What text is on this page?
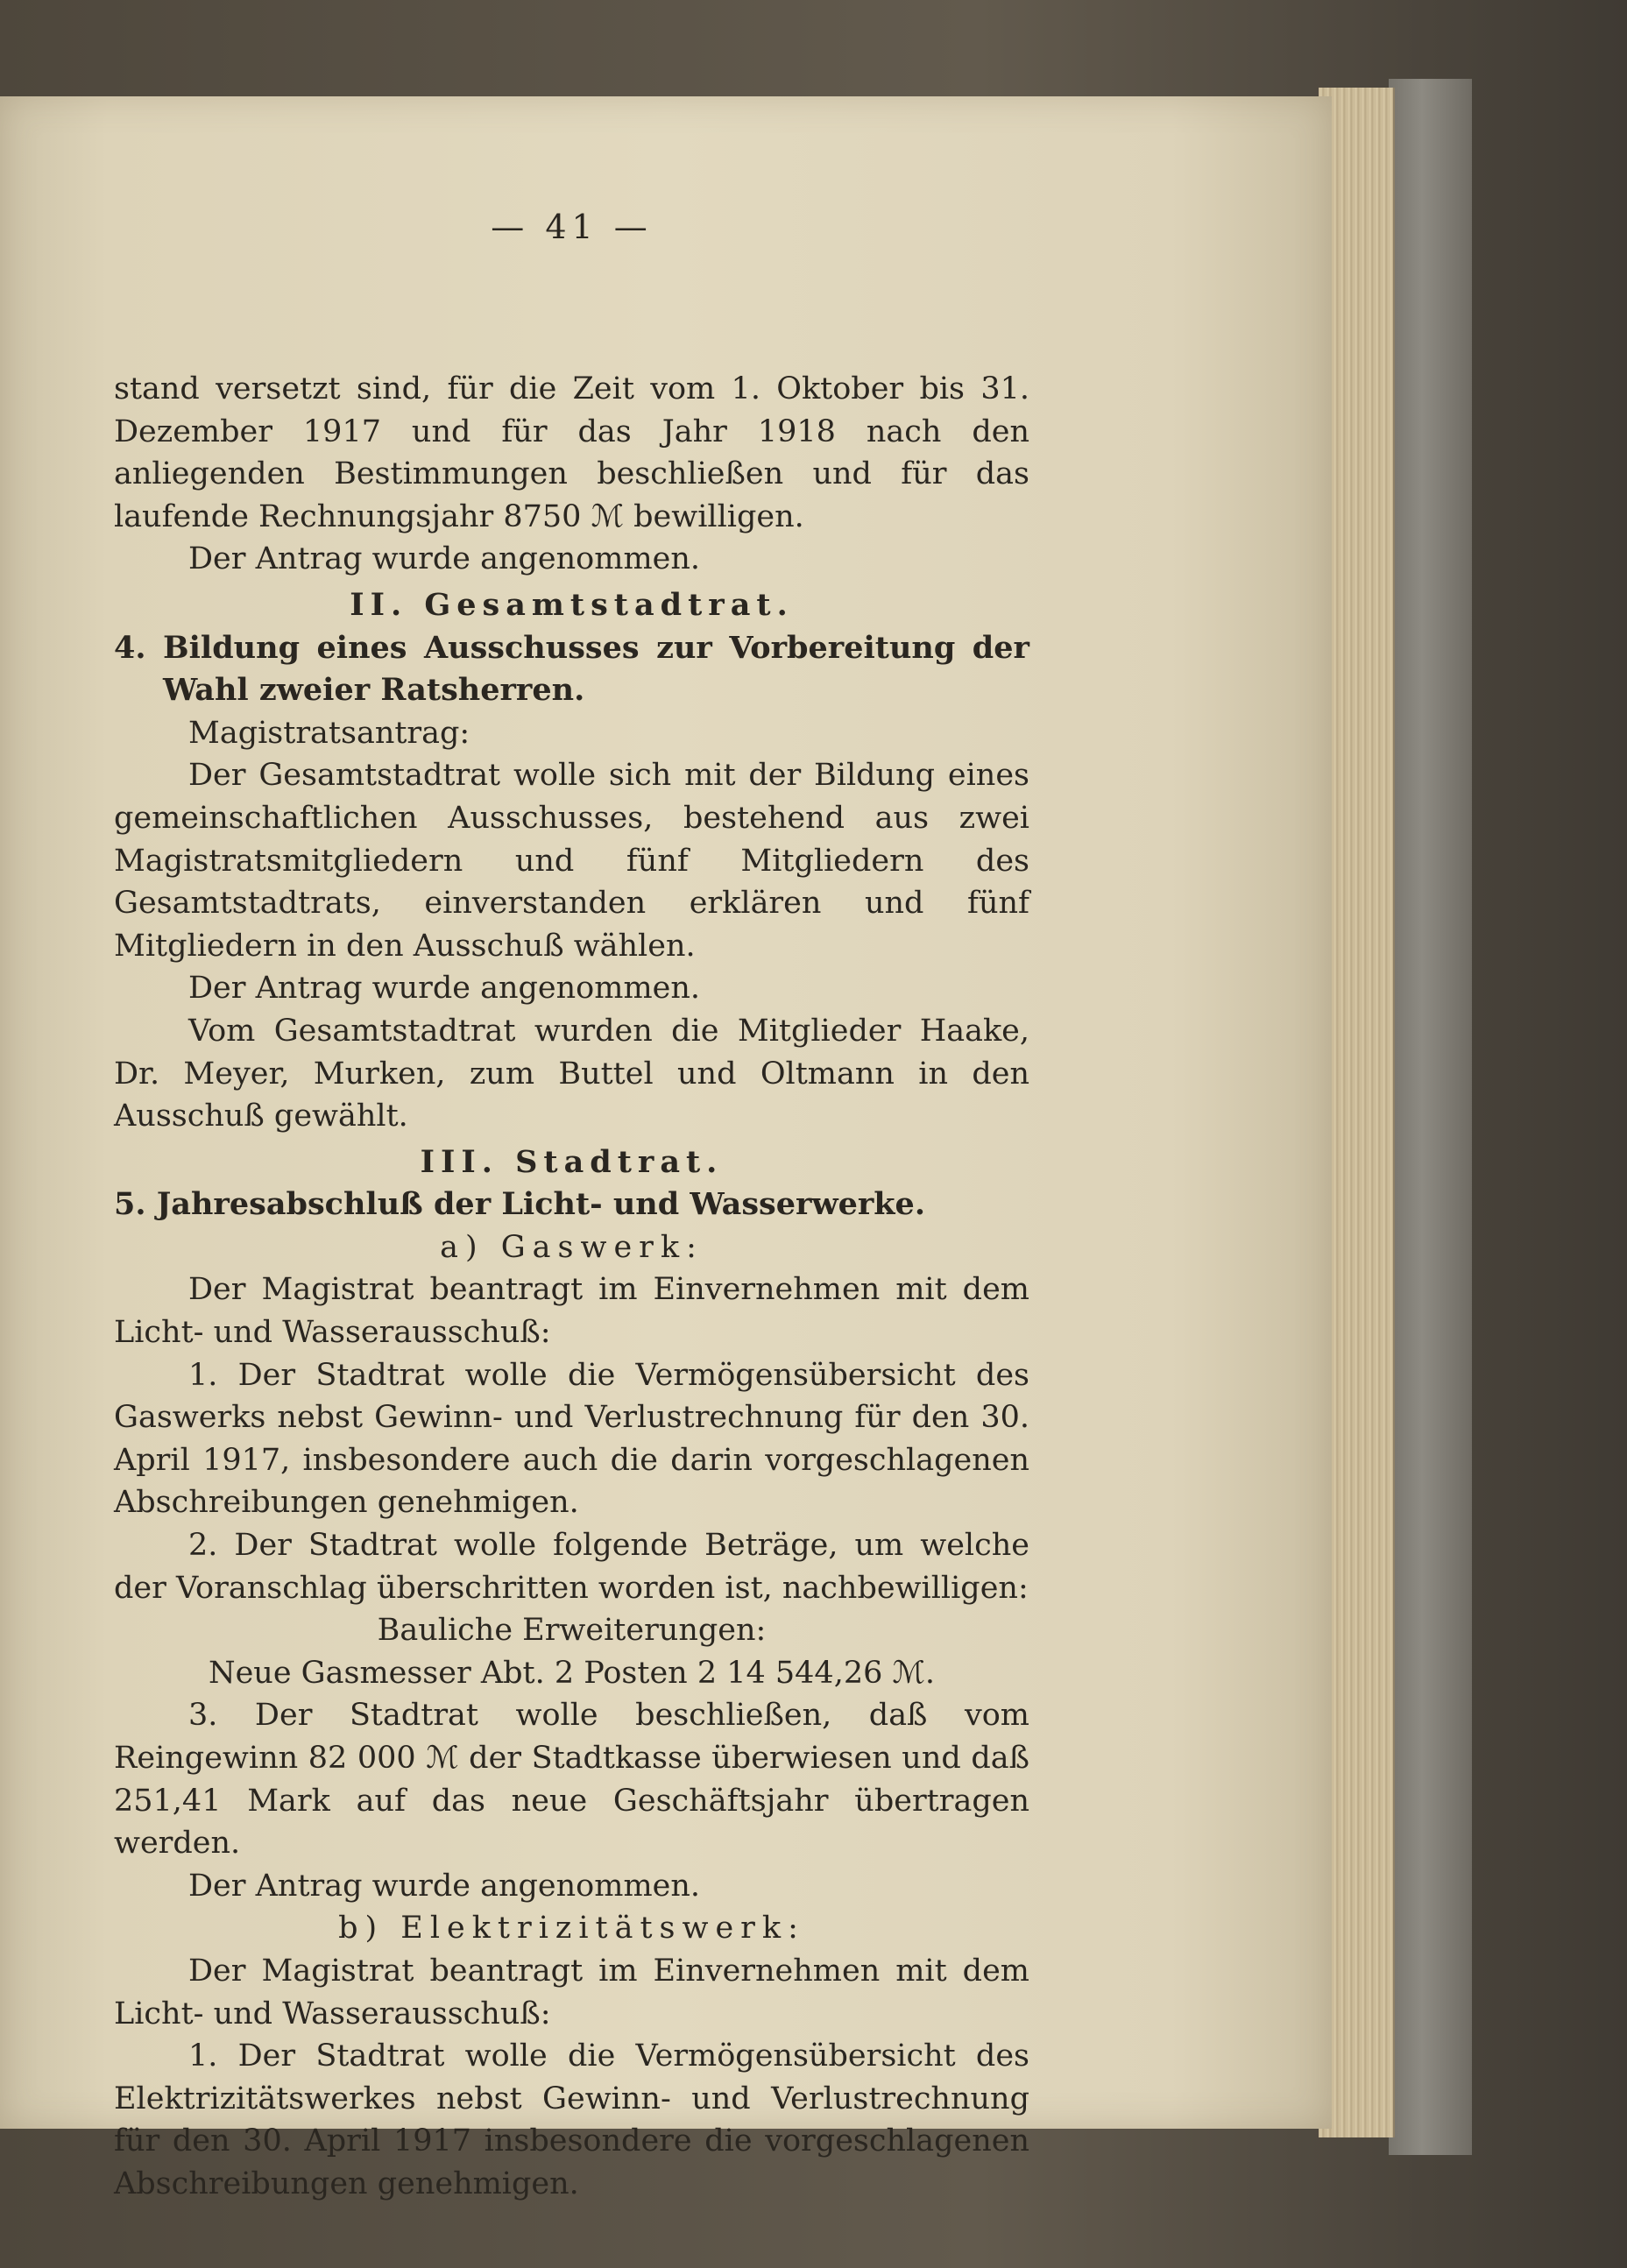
— 41 —

stand versetzt sind, für die Zeit vom 1. Oktober bis 31. Dezember 1917 und für das Jahr 1918 nach den anliegenden Bestimmungen beschließen und für das laufende Rechnungsjahr 8750 ℳ bewilligen.

Der Antrag wurde angenommen.

II. Gesamtstadtrat.

4. Bildung eines Ausschusses zur Vorbereitung der Wahl zweier Ratsherren.

Magistratsantrag:

Der Gesamtstadtrat wolle sich mit der Bildung eines gemeinschaftlichen Ausschusses, bestehend aus zwei Magistratsmitgliedern und fünf Mitgliedern des Gesamtstadtrats, einverstanden erklären und fünf Mitgliedern in den Ausschuß wählen.

Der Antrag wurde angenommen.

Vom Gesamtstadtrat wurden die Mitglieder Haake, Dr. Meyer, Murken, zum Buttel und Oltmann in den Ausschuß gewählt.

III. Stadtrat.

5. Jahresabschluß der Licht- und Wasserwerke.

a) Gaswerk:

Der Magistrat beantragt im Einvernehmen mit dem Licht- und Wasserausschuß:

1. Der Stadtrat wolle die Vermögensübersicht des Gaswerks nebst Gewinn- und Verlustrechnung für den 30. April 1917, insbesondere auch die darin vorgeschlagenen Abschreibungen genehmigen.

2. Der Stadtrat wolle folgende Beträge, um welche der Voranschlag überschritten worden ist, nachbewilligen:

Bauliche Erweiterungen:

Neue Gasmesser Abt. 2 Posten 2 14 544,26 ℳ.

3. Der Stadtrat wolle beschließen, daß vom Reingewinn 82 000 ℳ der Stadtkasse überwiesen und daß 251,41 Mark auf das neue Geschäftsjahr übertragen werden.

Der Antrag wurde angenommen.

b) Elektrizitätswerk:

Der Magistrat beantragt im Einvernehmen mit dem Licht- und Wasserausschuß:

1. Der Stadtrat wolle die Vermögensübersicht des Elektrizitätswerkes nebst Gewinn- und Verlustrechnung für den 30. April 1917 insbesondere die vorgeschlagenen Abschreibungen genehmigen.
